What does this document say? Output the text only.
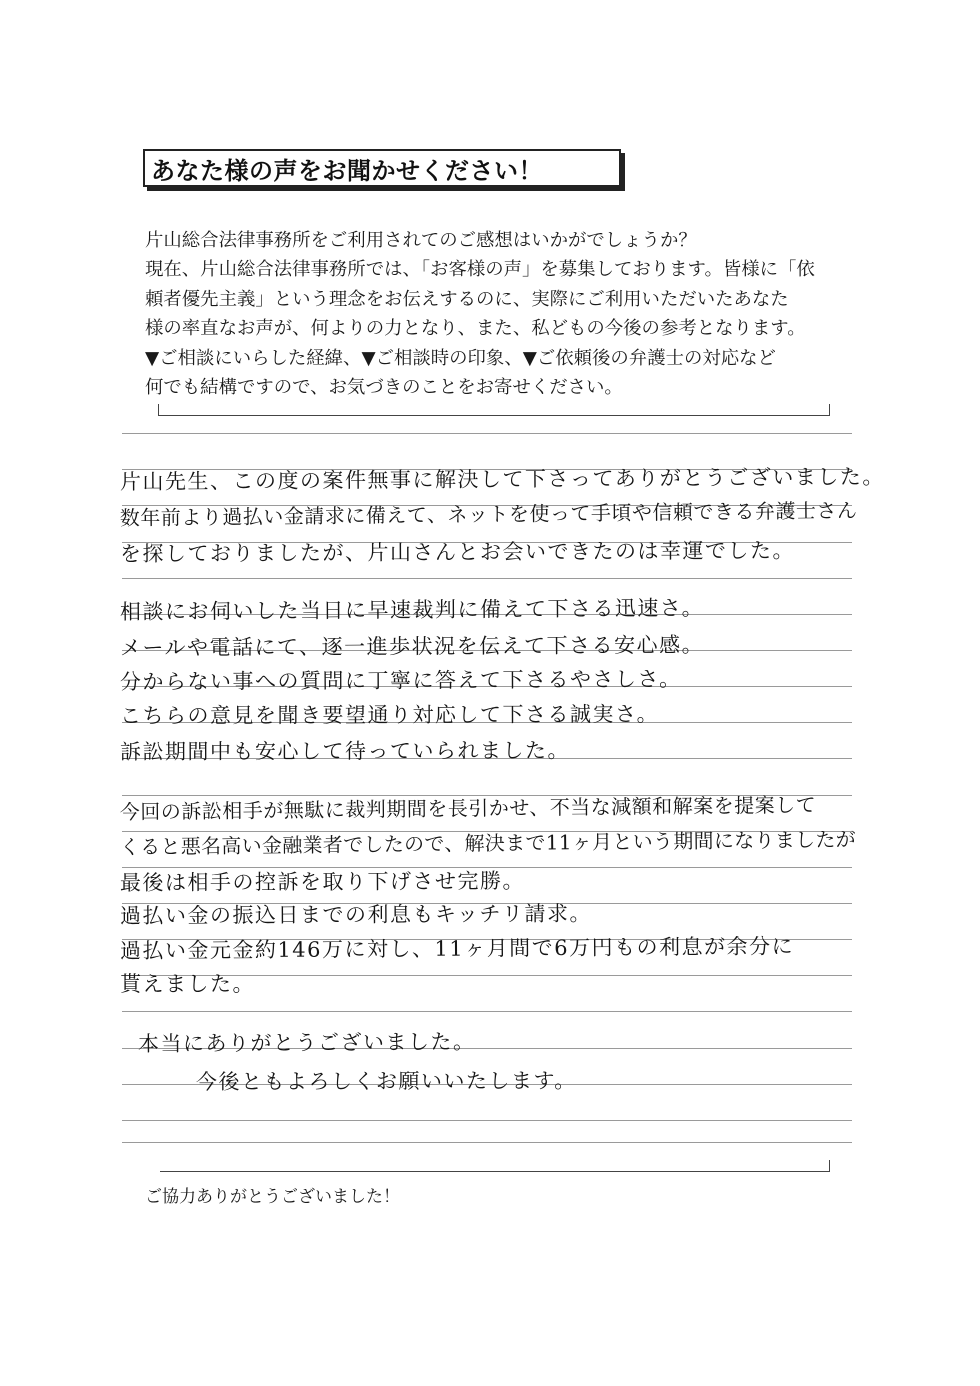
あなた様の声をお聞かせください！
片山総合法律事務所をご利用されてのご感想はいかがでしょうか？
現在、片山総合法律事務所では、「お客様の声」を募集しております。皆様に「依
頼者優先主義」という理念をお伝えするのに、実際にご利用いただいたあなた
様の率直なお声が、何よりの力となり、また、私どもの今後の参考となります。
▼ご相談にいらした経緯、▼ご相談時の印象、▼ご依頼後の弁護士の対応など
何でも結構ですので、お気づきのことをお寄せください。
片山先生、この度の案件無事に解決して下さってありがとうございました。
数年前より過払い金請求に備えて、ネットを使って手頃や信頼できる弁護士さん
を探しておりましたが、片山さんとお会いできたのは幸運でした。
相談にお伺いした当日に早速裁判に備えて下さる迅速さ。
メールや電話にて、逐一進歩状況を伝えて下さる安心感。
分からない事への質問に丁寧に答えて下さるやさしさ。
こちらの意見を聞き要望通り対応して下さる誠実さ。
訴訟期間中も安心して待っていられました。
今回の訴訟相手が無駄に裁判期間を長引かせ、不当な減額和解案を提案して
くると悪名高い金融業者でしたので、解決まで11ヶ月という期間になりましたが
最後は相手の控訴を取り下げさせ完勝。
過払い金の振込日までの利息もキッチリ請求。
過払い金元金約146万に対し、11ヶ月間で6万円もの利息が余分に
貰えました。
本当にありがとうございました。
今後ともよろしくお願いいたします。
ご協力ありがとうございました！
